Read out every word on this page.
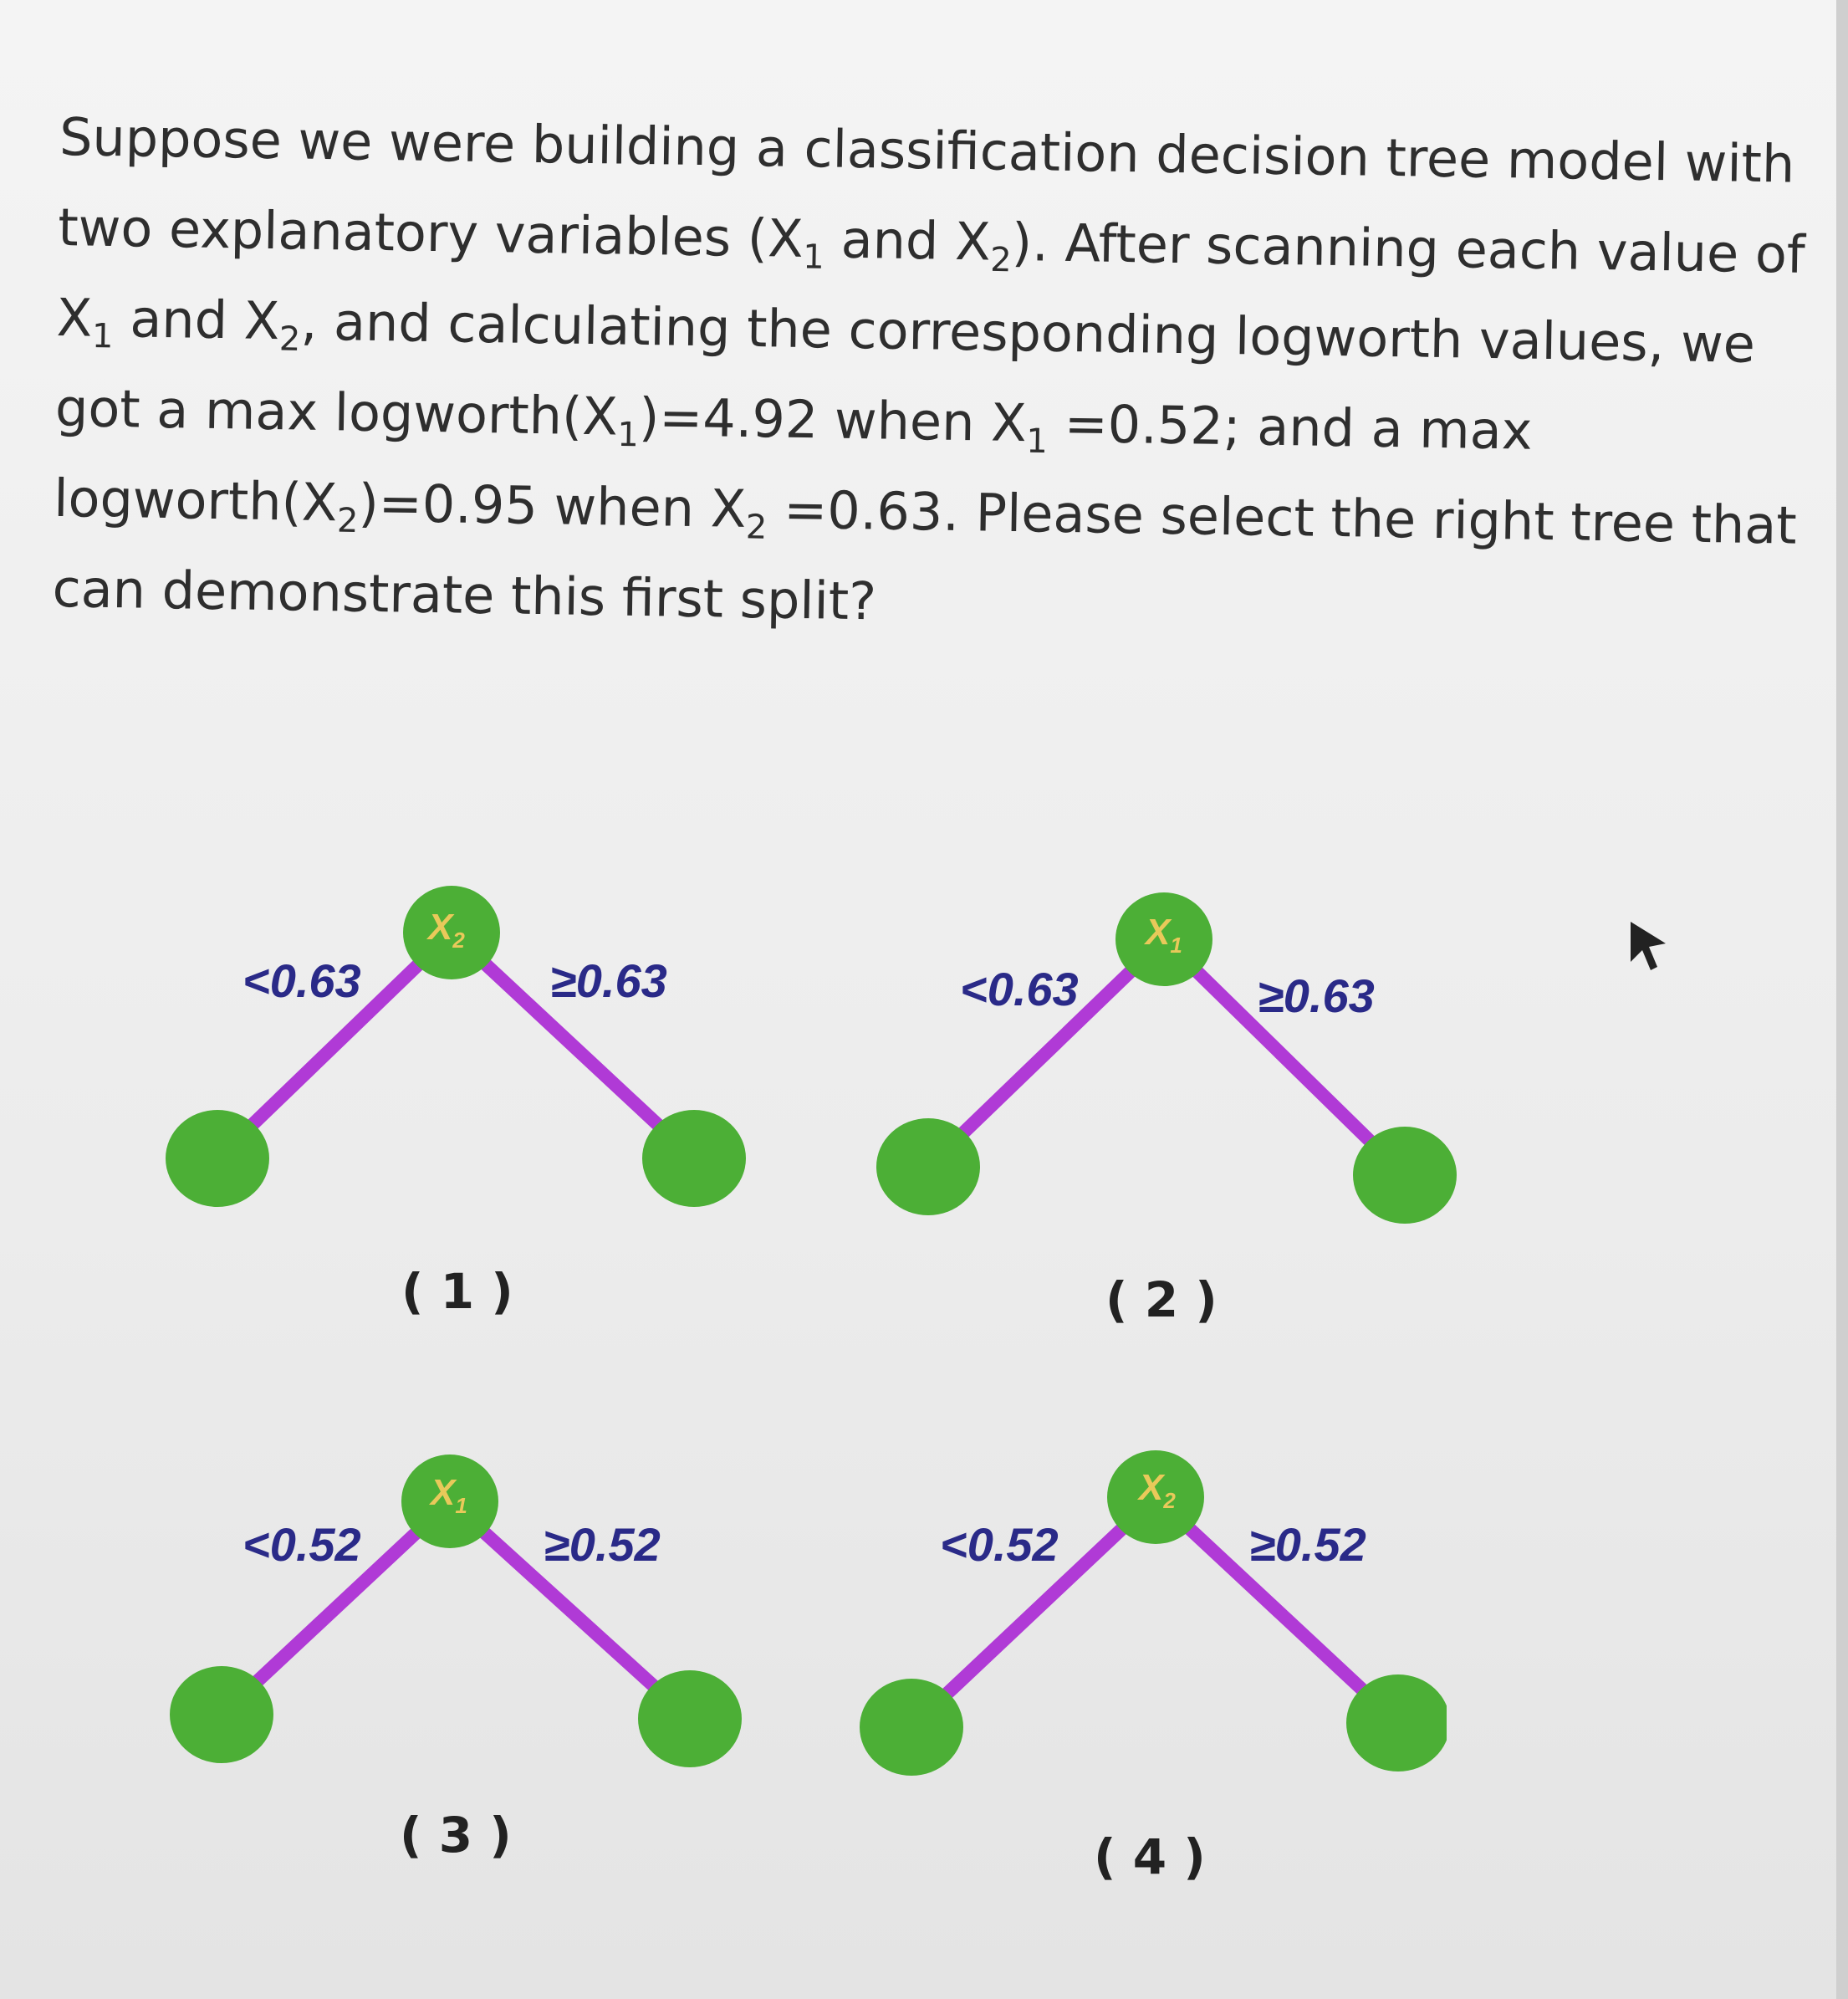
Suppose we were building a classification decision tree model with
two explanatory variables ($X_1$ and $X_2$). After scanning each value of
$X_1$ and $X_2$, and calculating the corresponding logworth values, we
got a $\max logworth(X_1)=4.92$ when $X_1 =0.52$; and a max
$logworth(X_2)=0.95$ when $X_2 =0.63$. Please select the right tree that
can demonstrate this first split?

$X_2$
<0.63	≥0.63
( 1 )
$X_1$
<0.63	≥0.63
( 2 )
$X_1$
<0.52	≥0.52
( 3 )
$X_2$
<0.52	≥0.52
( 4 )
